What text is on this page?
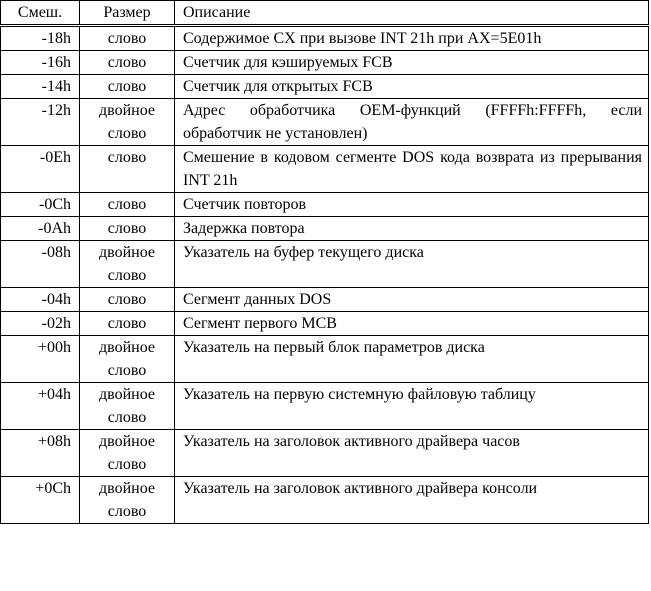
Смеш.	Размер	Описание
-18h	слово	Содержимое CX при вызове INT 21h при AX=5E01h
-16h	слово	Счетчик для кэшируемых FCB
-14h	слово	Счетчик для открытых FCB
-12h	двойное слово	Адрес обработчика OEM-функций (FFFFh:FFFFh, если обработчик не установлен)
-0Eh	слово	Смешение в кодовом сегменте DOS кода возврата из прерывания INT 21h
-0Ch	слово	Счетчик повторов
-0Ah	слово	Задержка повтора
-08h	двойное слово	Указатель на буфер текущего диска
-04h	слово	Сегмент данных DOS
-02h	слово	Сегмент первого MCB
+00h	двойное слово	Указатель на первый блок параметров диска
+04h	двойное слово	Указатель на первую системную файловую таблицу
+08h	двойное слово	Указатель на заголовок активного драйвера часов
+0Ch	двойное слово	Указатель на заголовок активного драйвера консоли
